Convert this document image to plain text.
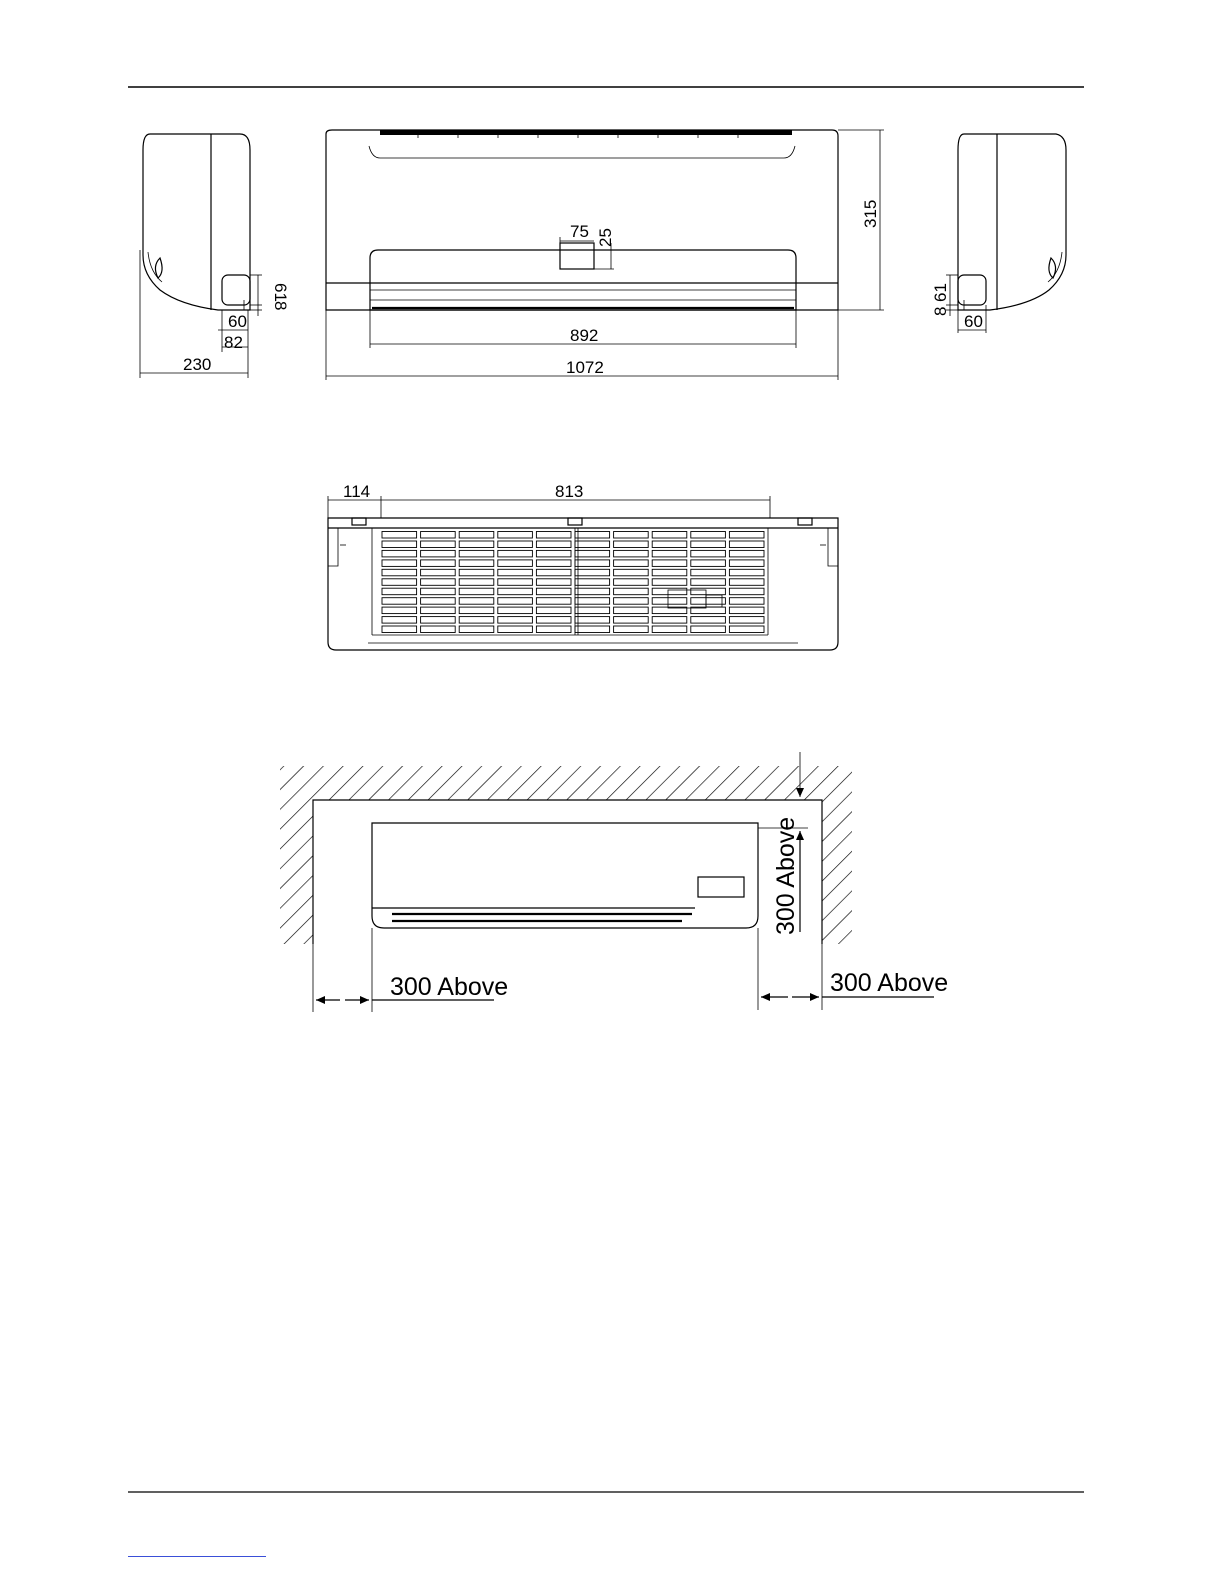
230
82
60
61
8
75 25
315
892
1072
61
8
60
114	813
300 Above	300 Above
300 Above
